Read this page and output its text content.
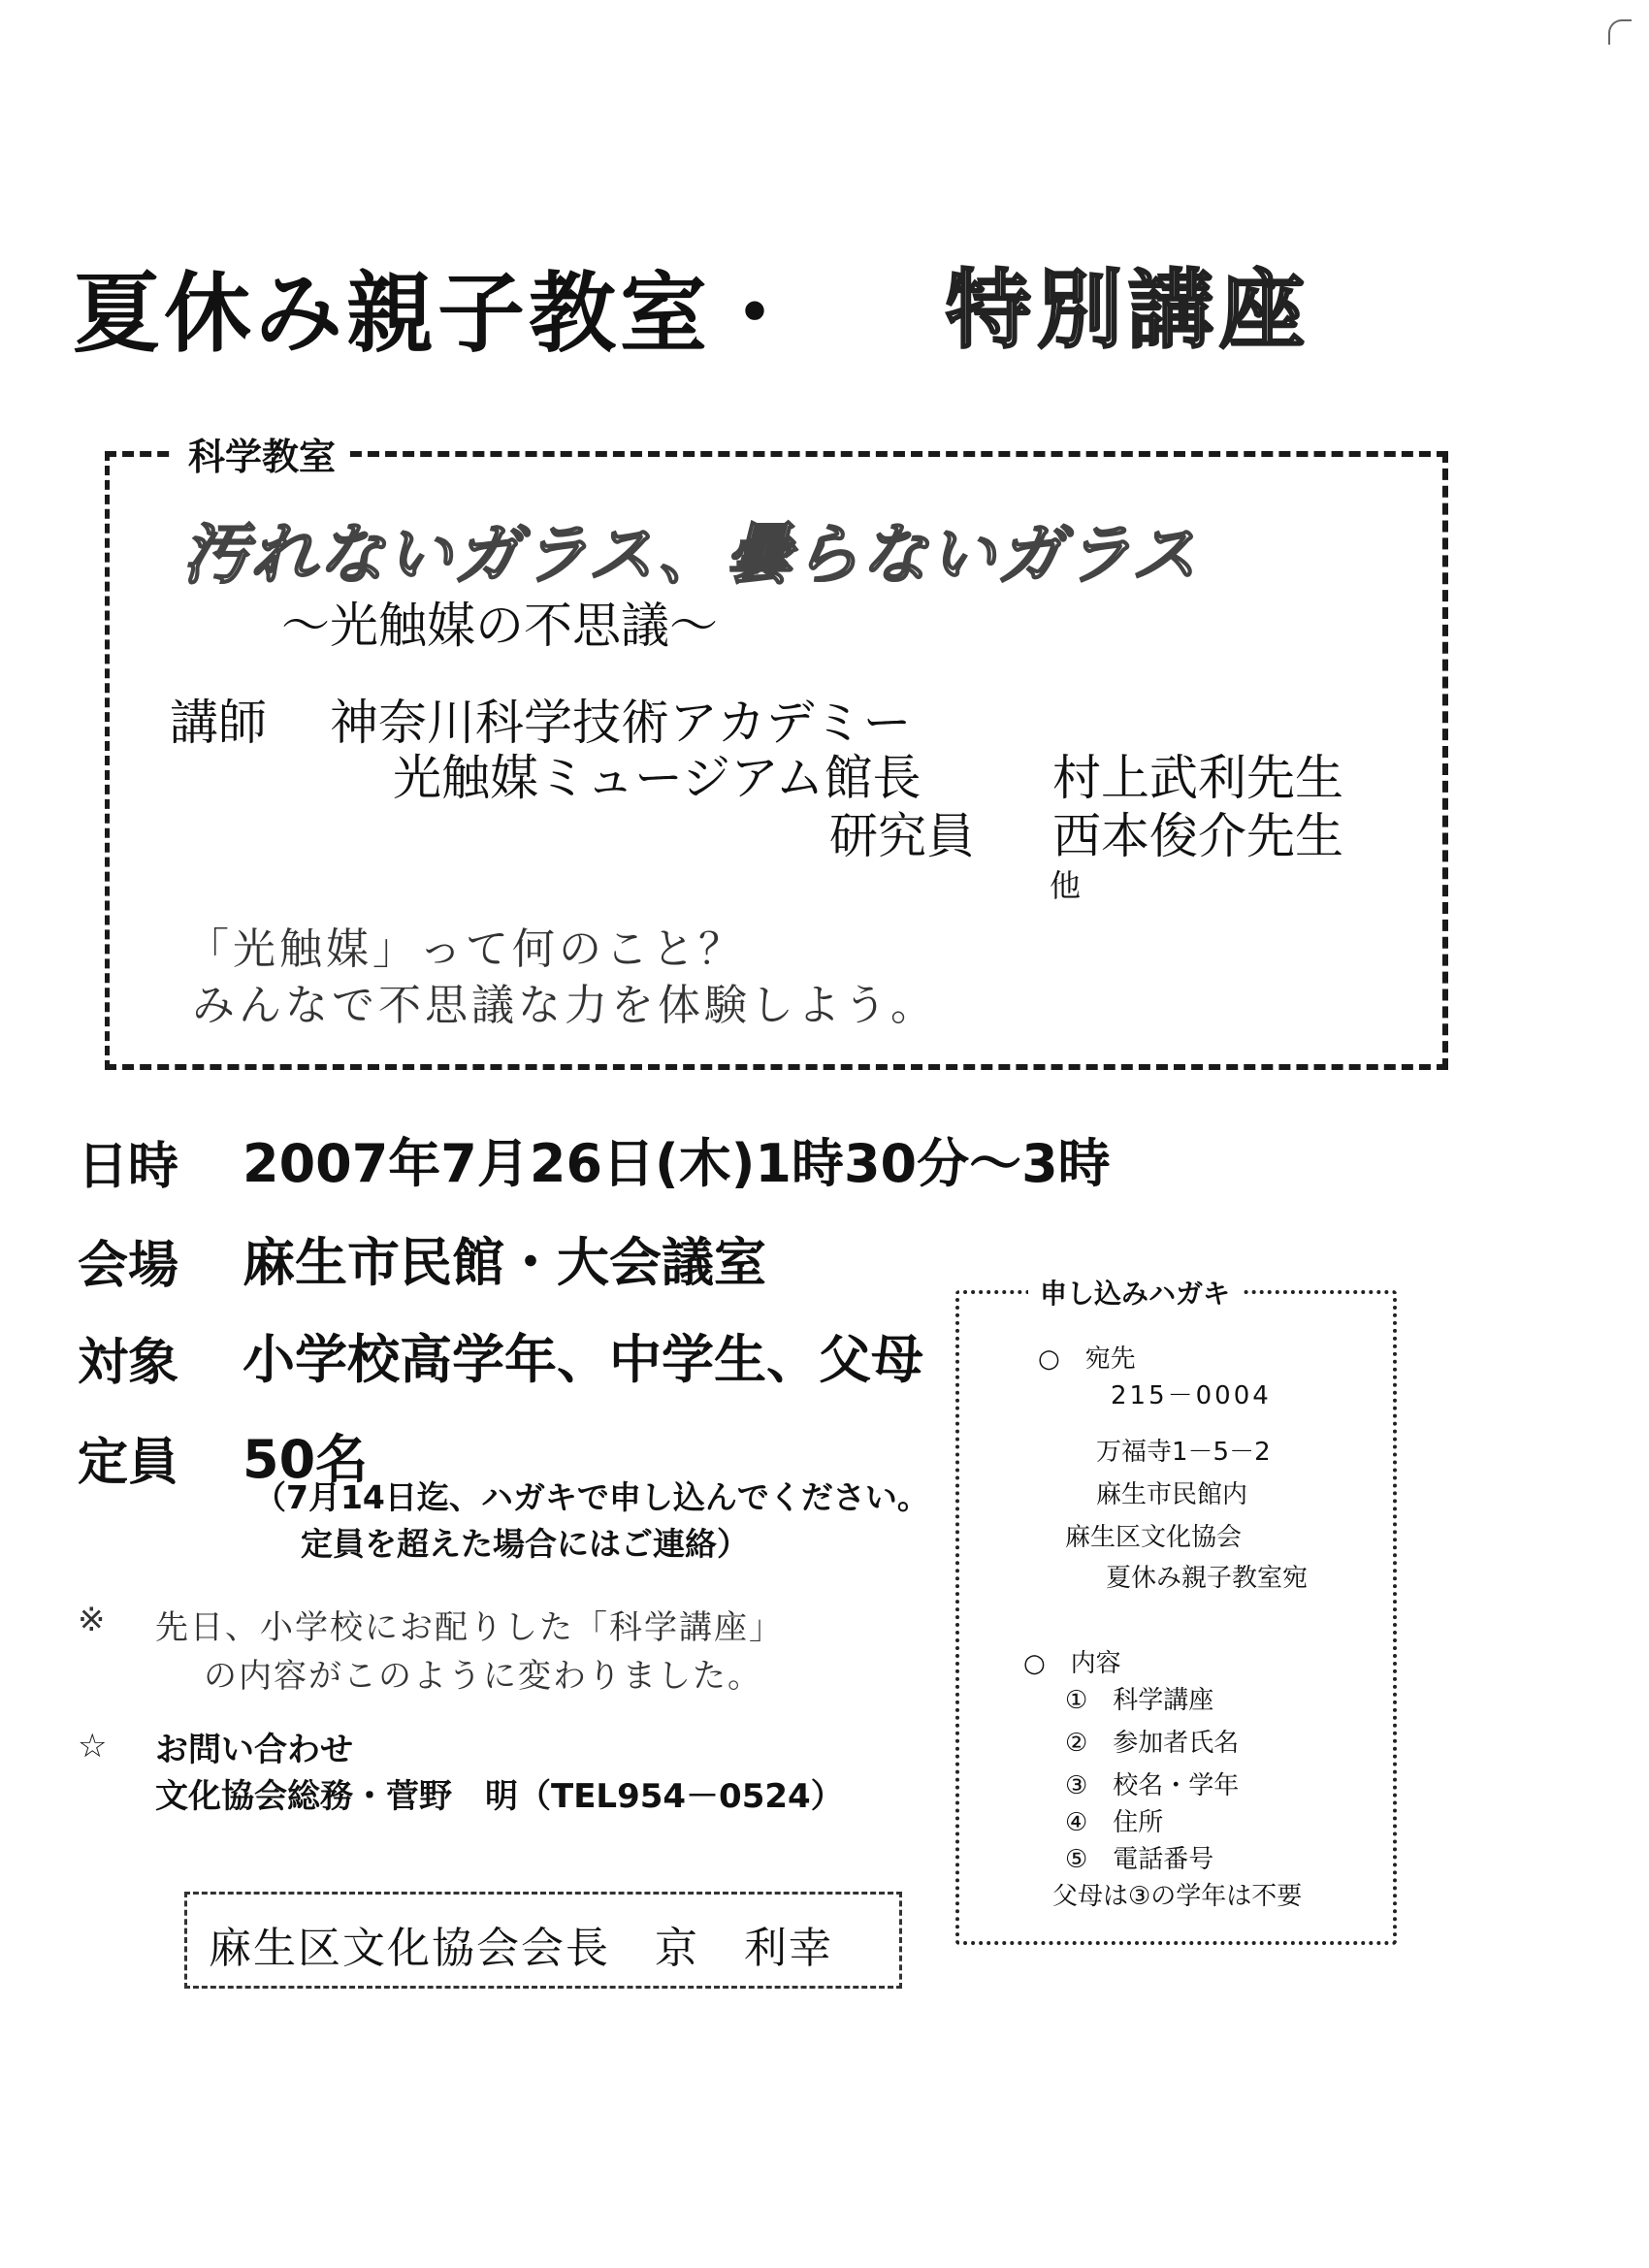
夏休み親子教室・ 特別講座
科学教室
汚れないガラス、曇らないガラス
～光触媒の不思議～
講師 神奈川科学技術アカデミー
光触媒ミュージアム館長	村上武利先生
研究員 西本俊介先生
他
「光触媒」って何のこと？
みんなで不思議な力を体験しよう。
日時 2007年7月26日(木)1時30分～3時
会場 麻生市民館・大会議室
対象 小学校高学年、中学生、父母
定員 50名
（7月14日迄、ハガキで申し込んでください。
定員を超えた場合にはご連絡）
※ 先日、小学校にお配りした「科学講座」
の内容がこのように変わりました。
☆ お問い合わせ
文化協会総務・菅野　明（TEL954－0524）
麻生区文化協会会長　京　利幸
申し込みハガキ
○　宛先
215－0004
万福寺1－5－2
麻生市民館内
麻生区文化協会
夏休み親子教室宛
○　内容
①　科学講座
②　参加者氏名
③　校名・学年
④　住所
⑤　電話番号
父母は③の学年は不要
